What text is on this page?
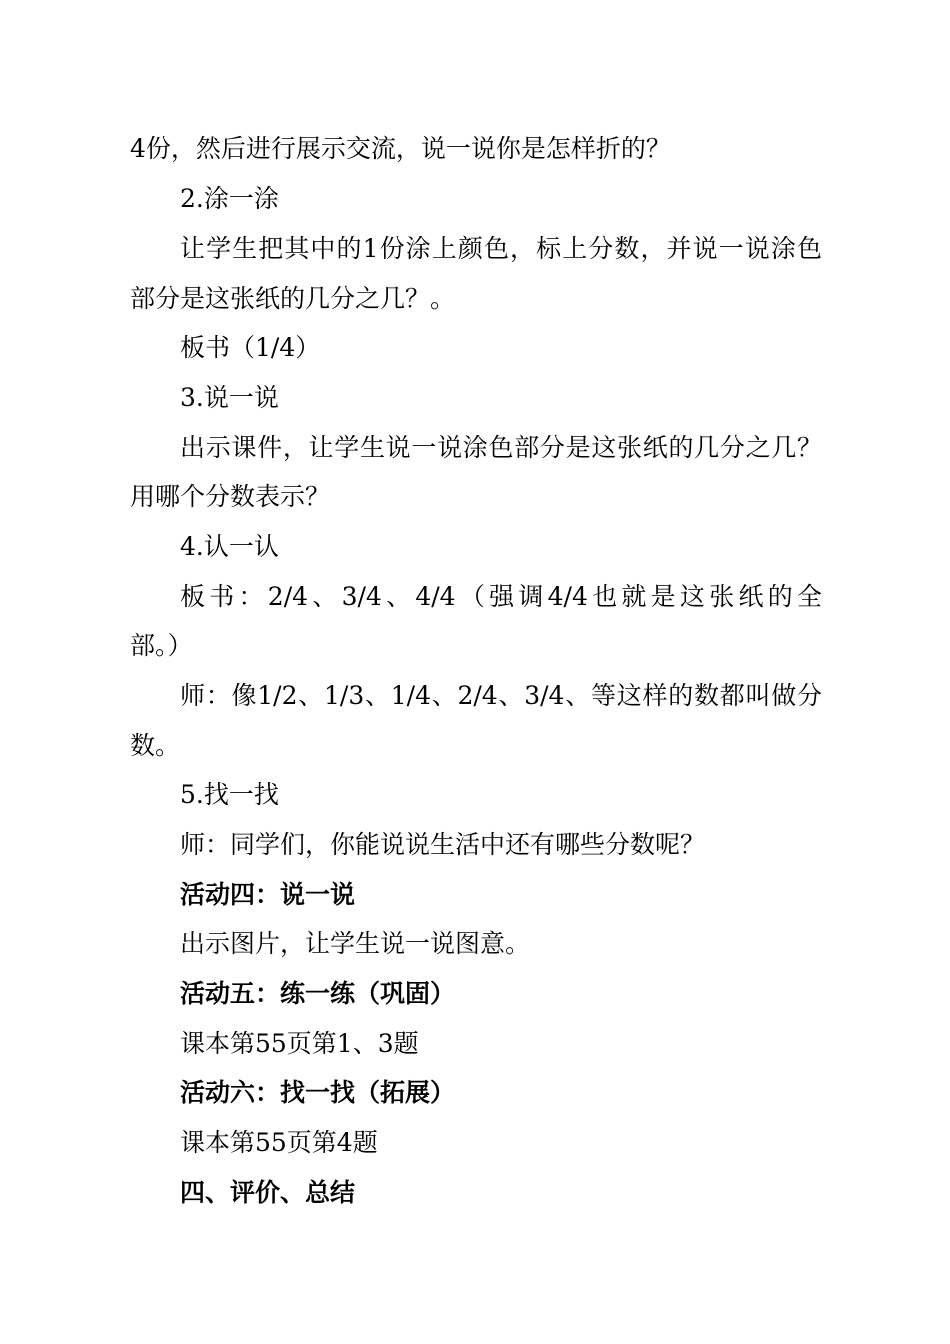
4份，然后进行展示交流，说一说你是怎样折的？
2.涂一涂
让学生把其中的1份涂上颜色，标上分数，并说一说涂色
部分是这张纸的几分之几？。
板书（1/4）
3.说一说
出示课件，让学生说一说涂色部分是这张纸的几分之几？
用哪个分数表示？
4.认一认
板书：2/4、3/4、4/4（强调4/4也就是这张纸的全
部。）
师：像1/2、1/3、1/4、2/4、3/4、等这样的数都叫做分
数。
5.找一找
师：同学们，你能说说生活中还有哪些分数呢？
活动四：说一说
出示图片，让学生说一说图意。
活动五：练一练（巩固）
课本第55页第1、3题
活动六：找一找（拓展）
课本第55页第4题
四、评价、总结
